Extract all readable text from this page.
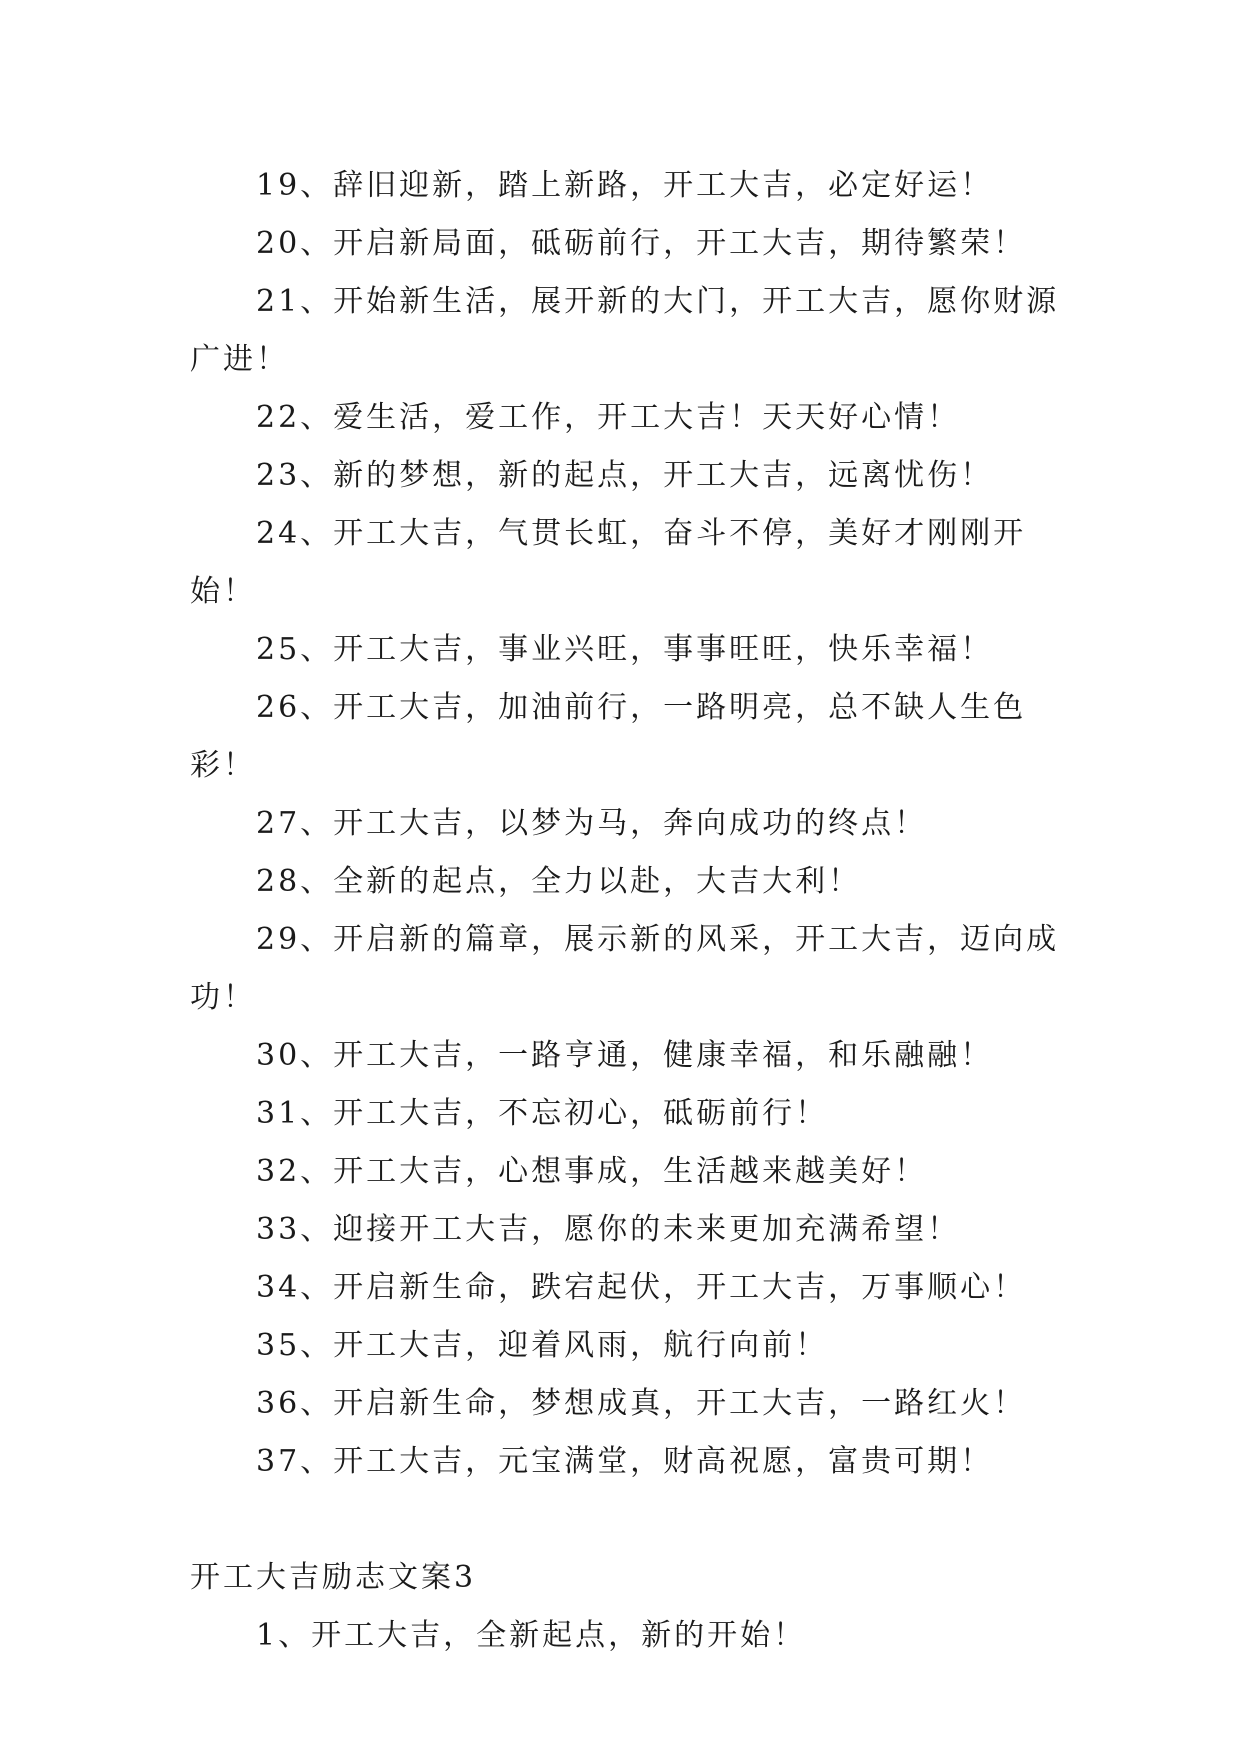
19、辞旧迎新，踏上新路，开工大吉，必定好运！

20、开启新局面，砥砺前行，开工大吉，期待繁荣！

21、开始新生活，展开新的大门，开工大吉，愿你财源广进！

22、爱生活，爱工作，开工大吉！天天好心情！

23、新的梦想，新的起点，开工大吉，远离忧伤！

24、开工大吉，气贯长虹，奋斗不停，美好才刚刚开始！

25、开工大吉，事业兴旺，事事旺旺，快乐幸福！

26、开工大吉，加油前行，一路明亮，总不缺人生色彩！

27、开工大吉，以梦为马，奔向成功的终点！

28、全新的起点，全力以赴，大吉大利！

29、开启新的篇章，展示新的风采，开工大吉，迈向成功！

30、开工大吉，一路亨通，健康幸福，和乐融融！

31、开工大吉，不忘初心，砥砺前行！

32、开工大吉，心想事成，生活越来越美好！

33、迎接开工大吉，愿你的未来更加充满希望！

34、开启新生命，跌宕起伏，开工大吉，万事顺心！

35、开工大吉，迎着风雨，航行向前！

36、开启新生命，梦想成真，开工大吉，一路红火！

37、开工大吉，元宝满堂，财高祝愿，富贵可期！

开工大吉励志文案3

1、开工大吉，全新起点，新的开始！
